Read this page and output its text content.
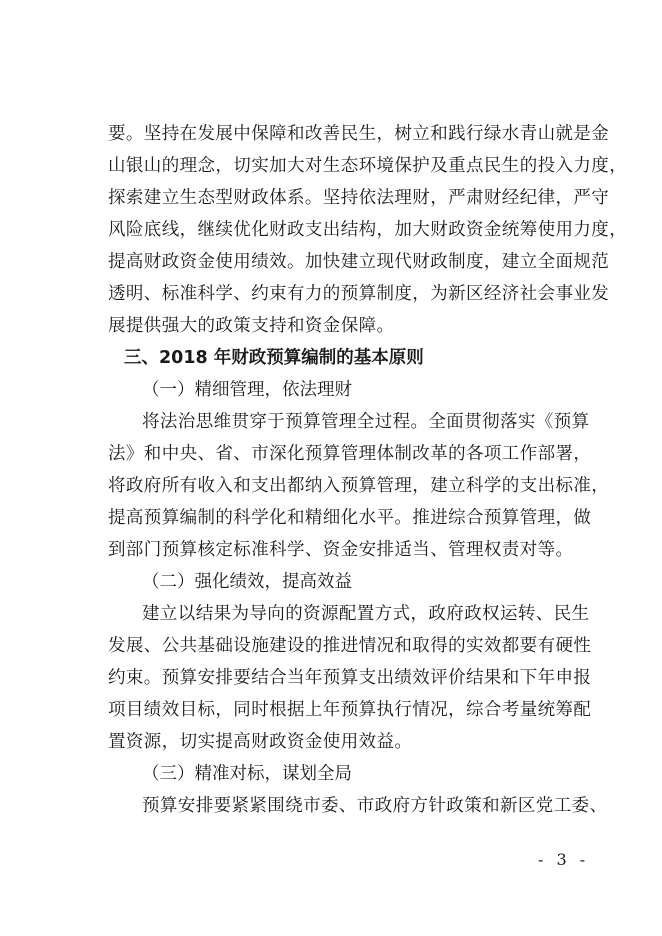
要。坚持在发展中保障和改善民生，树立和践行绿水青山就是金
山银山的理念，切实加大对生态环境保护及重点民生的投入力度，
探索建立生态型财政体系。坚持依法理财，严肃财经纪律，严守
风险底线，继续优化财政支出结构，加大财政资金统筹使用力度，
提高财政资金使用绩效。加快建立现代财政制度，建立全面规范
透明、标准科学、约束有力的预算制度，为新区经济社会事业发
展提供强大的政策支持和资金保障。
三、2018 年财政预算编制的基本原则
（一）精细管理，依法理财
将法治思维贯穿于预算管理全过程。全面贯彻落实《预算
法》和中央、省、市深化预算管理体制改革的各项工作部署，
将政府所有收入和支出都纳入预算管理，建立科学的支出标准，
提高预算编制的科学化和精细化水平。推进综合预算管理，做
到部门预算核定标准科学、资金安排适当、管理权责对等。
（二）强化绩效，提高效益
建立以结果为导向的资源配置方式，政府政权运转、民生
发展、公共基础设施建设的推进情况和取得的实效都要有硬性
约束。预算安排要结合当年预算支出绩效评价结果和下年申报
项目绩效目标，同时根据上年预算执行情况，综合考量统筹配
置资源，切实提高财政资金使用效益。
（三）精准对标，谋划全局
预算安排要紧紧围绕市委、市政府方针政策和新区党工委、
- 3 -
